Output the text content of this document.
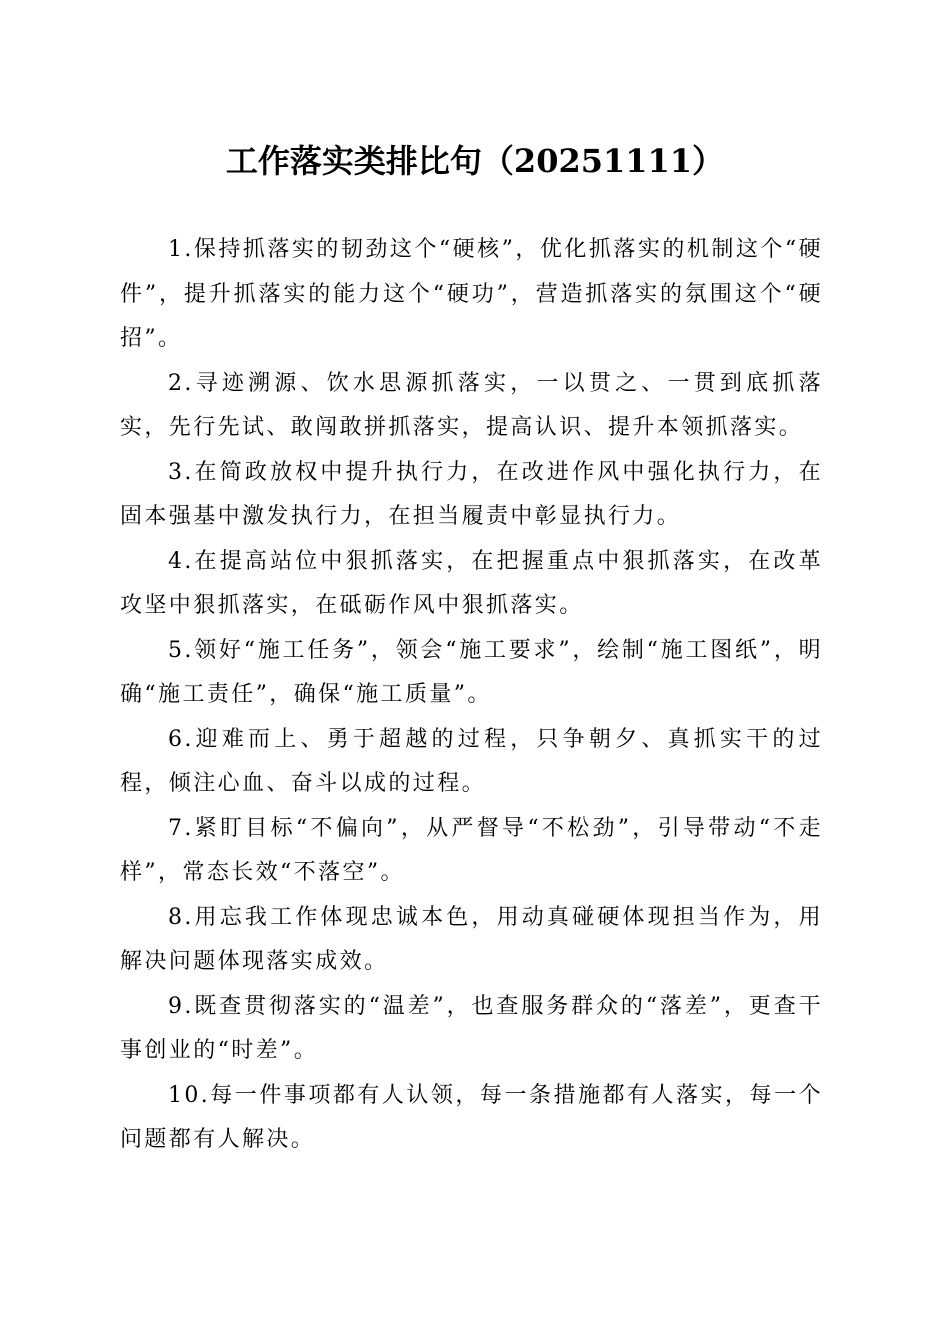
工作落实类排比句（20251111）

1.保持抓落实的韧劲这个“硬核”，优化抓落实的机制这个“硬件”，提升抓落实的能力这个“硬功”，营造抓落实的氛围这个“硬招”。

2.寻迹溯源、饮水思源抓落实，一以贯之、一贯到底抓落实，先行先试、敢闯敢拼抓落实，提高认识、提升本领抓落实。

3.在简政放权中提升执行力，在改进作风中强化执行力，在固本强基中激发执行力，在担当履责中彰显执行力。

4.在提高站位中狠抓落实，在把握重点中狠抓落实，在改革攻坚中狠抓落实，在砥砺作风中狠抓落实。

5.领好“施工任务”，领会“施工要求”，绘制“施工图纸”，明确“施工责任”，确保“施工质量”。

6.迎难而上、勇于超越的过程，只争朝夕、真抓实干的过程，倾注心血、奋斗以成的过程。

7.紧盯目标“不偏向”，从严督导“不松劲”，引导带动“不走样”，常态长效“不落空”。

8.用忘我工作体现忠诚本色，用动真碰硬体现担当作为，用解决问题体现落实成效。

9.既查贯彻落实的“温差”，也查服务群众的“落差”，更查干事创业的“时差”。

10.每一件事项都有人认领，每一条措施都有人落实，每一个问题都有人解决。
